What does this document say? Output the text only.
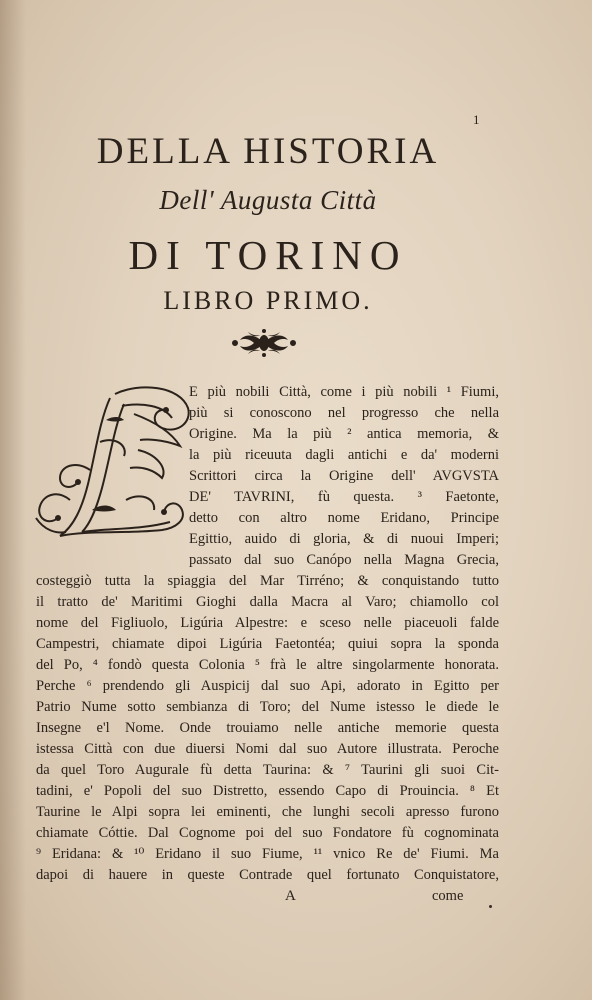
1
DELLA HISTORIA
Dell' Augusta Città
DI TORINO
LIBRO PRIMO.
E più nobili Città, come i più nobili ¹ Fiumi,
più si conoscono nel progresso che nella
Origine. Ma la più ² antica memoria, &
la più riceuuta dagli antichi e da' moderni
Scrittori circa la Origine dell' AVGVSTA
DE' TAVRINI, fù questa. ³ Faetonte,
detto con altro nome Eridano, Principe
Egittio, auido di gloria, & di nuoui Imperi;
passato dal suo Canópo nella Magna Grecia,
costeggiò tutta la spiaggia del Mar Tirréno; & conquistando tutto
il tratto de' Maritimi Gioghi dalla Macra al Varo; chiamollo col
nome del Figliuolo, Ligúria Alpestre: e sceso nelle piaceuoli falde
Campestri, chiamate dipoi Ligúria Faetontéa; quiui sopra la sponda
del Po, ⁴ fondò questa Colonia ⁵ frà le altre singolarmente honorata.
Perche ⁶ prendendo gli Auspicij dal suo Api, adorato in Egitto per
Patrio Nume sotto sembianza di Toro; del Nume istesso le diede le
Insegne e'l Nome. Onde trouiamo nelle antiche memorie questa
istessa Città con due diuersi Nomi dal suo Autore illustrata. Peroche
da quel Toro Augurale fù detta Taurina: & ⁷ Taurini gli suoi Cit-
tadini, e' Popoli del suo Distretto, essendo Capo di Prouincia. ⁸ Et
Taurine le Alpi sopra lei eminenti, che lunghi secoli apresso furono
chiamate Cóttie. Dal Cognome poi del suo Fondatore fù cognominata
⁹ Eridana: & ¹⁰ Eridano il suo Fiume, ¹¹ vnico Re de' Fiumi. Ma
dapoi di hauere in queste Contrade quel fortunato Conquistatore,
A	come
